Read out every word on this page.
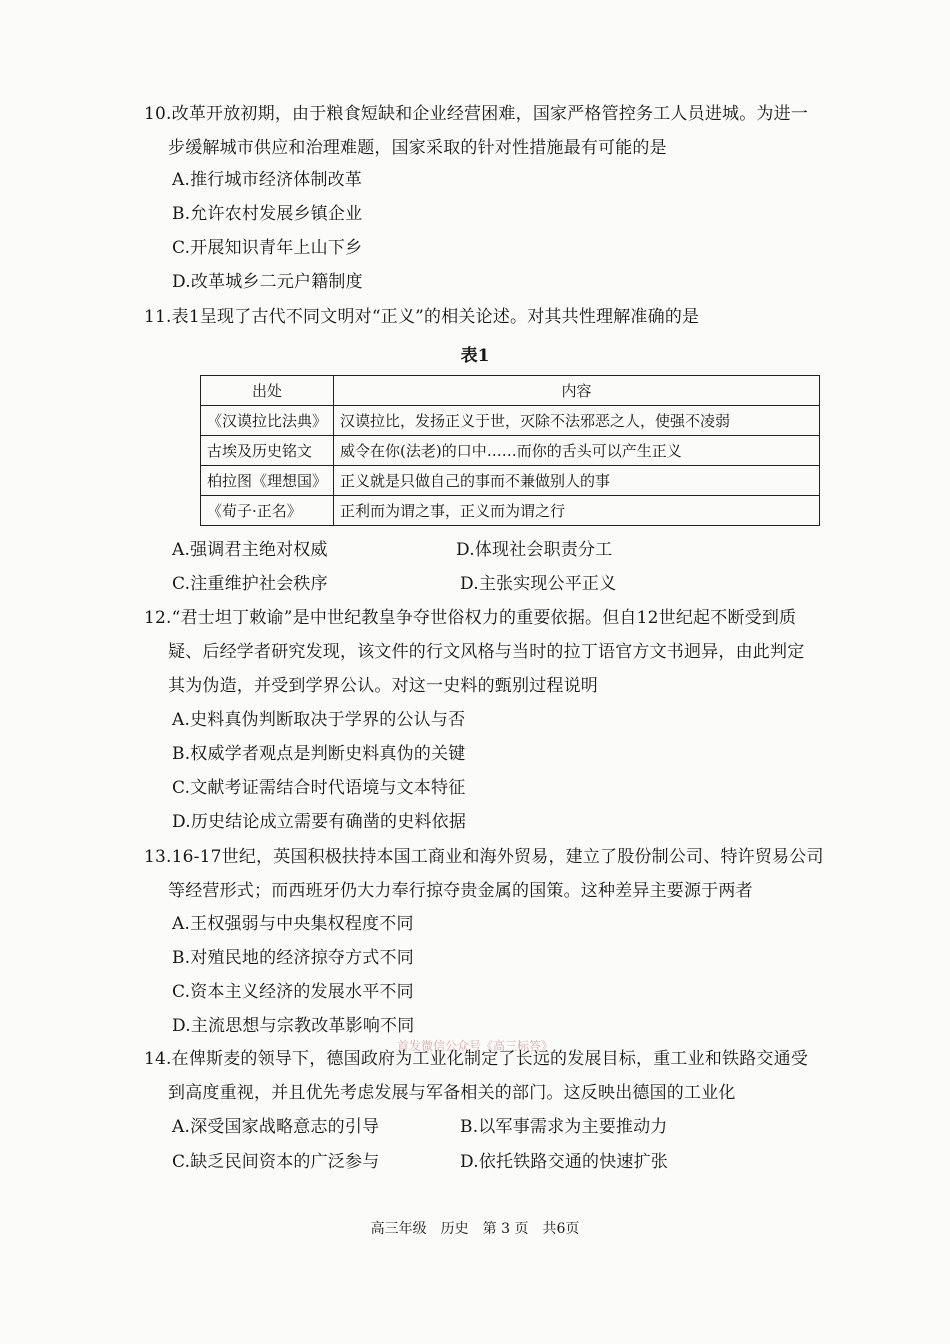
10.改革开放初期，由于粮食短缺和企业经营困难，国家严格管控务工人员进城。为进一
步缓解城市供应和治理难题，国家采取的针对性措施最有可能的是
A.推行城市经济体制改革
B.允许农村发展乡镇企业
C.开展知识青年上山下乡
D.改革城乡二元户籍制度
11.表1呈现了古代不同文明对“正义”的相关论述。对其共性理解准确的是
表1
出处	内容
《汉谟拉比法典》	汉谟拉比，发扬正义于世，灭除不法邪恶之人，使强不凌弱
古埃及历史铭文	威令在你(法老)的口中……而你的舌头可以产生正义
柏拉图《理想国》	正义就是只做自己的事而不兼做别人的事
《荀子·正名》	正利而为谓之事，正义而为谓之行
A.强调君主绝对权威	D.体现社会职责分工
C.注重维护社会秩序	D.主张实现公平正义
12.“君士坦丁敕谕”是中世纪教皇争夺世俗权力的重要依据。但自12世纪起不断受到质
疑、后经学者研究发现，该文件的行文风格与当时的拉丁语官方文书迥异，由此判定
其为伪造，并受到学界公认。对这一史料的甄别过程说明
A.史料真伪判断取决于学界的公认与否
B.权威学者观点是判断史料真伪的关键
C.文献考证需结合时代语境与文本特征
D.历史结论成立需要有确凿的史料依据
13.16-17世纪，英国积极扶持本国工商业和海外贸易，建立了股份制公司、特许贸易公司
等经营形式；而西班牙仍大力奉行掠夺贵金属的国策。这种差异主要源于两者
A.王权强弱与中央集权程度不同
B.对殖民地的经济掠夺方式不同
C.资本主义经济的发展水平不同
D.主流思想与宗教改革影响不同
首发微信公众号《高三标答》
14.在俾斯麦的领导下，德国政府为工业化制定了长远的发展目标，重工业和铁路交通受
到高度重视，并且优先考虑发展与军备相关的部门。这反映出德国的工业化
A.深受国家战略意志的引导	B.以军事需求为主要推动力
C.缺乏民间资本的广泛参与	D.依托铁路交通的快速扩张
高三年级　历史　第 3 页　共6页
